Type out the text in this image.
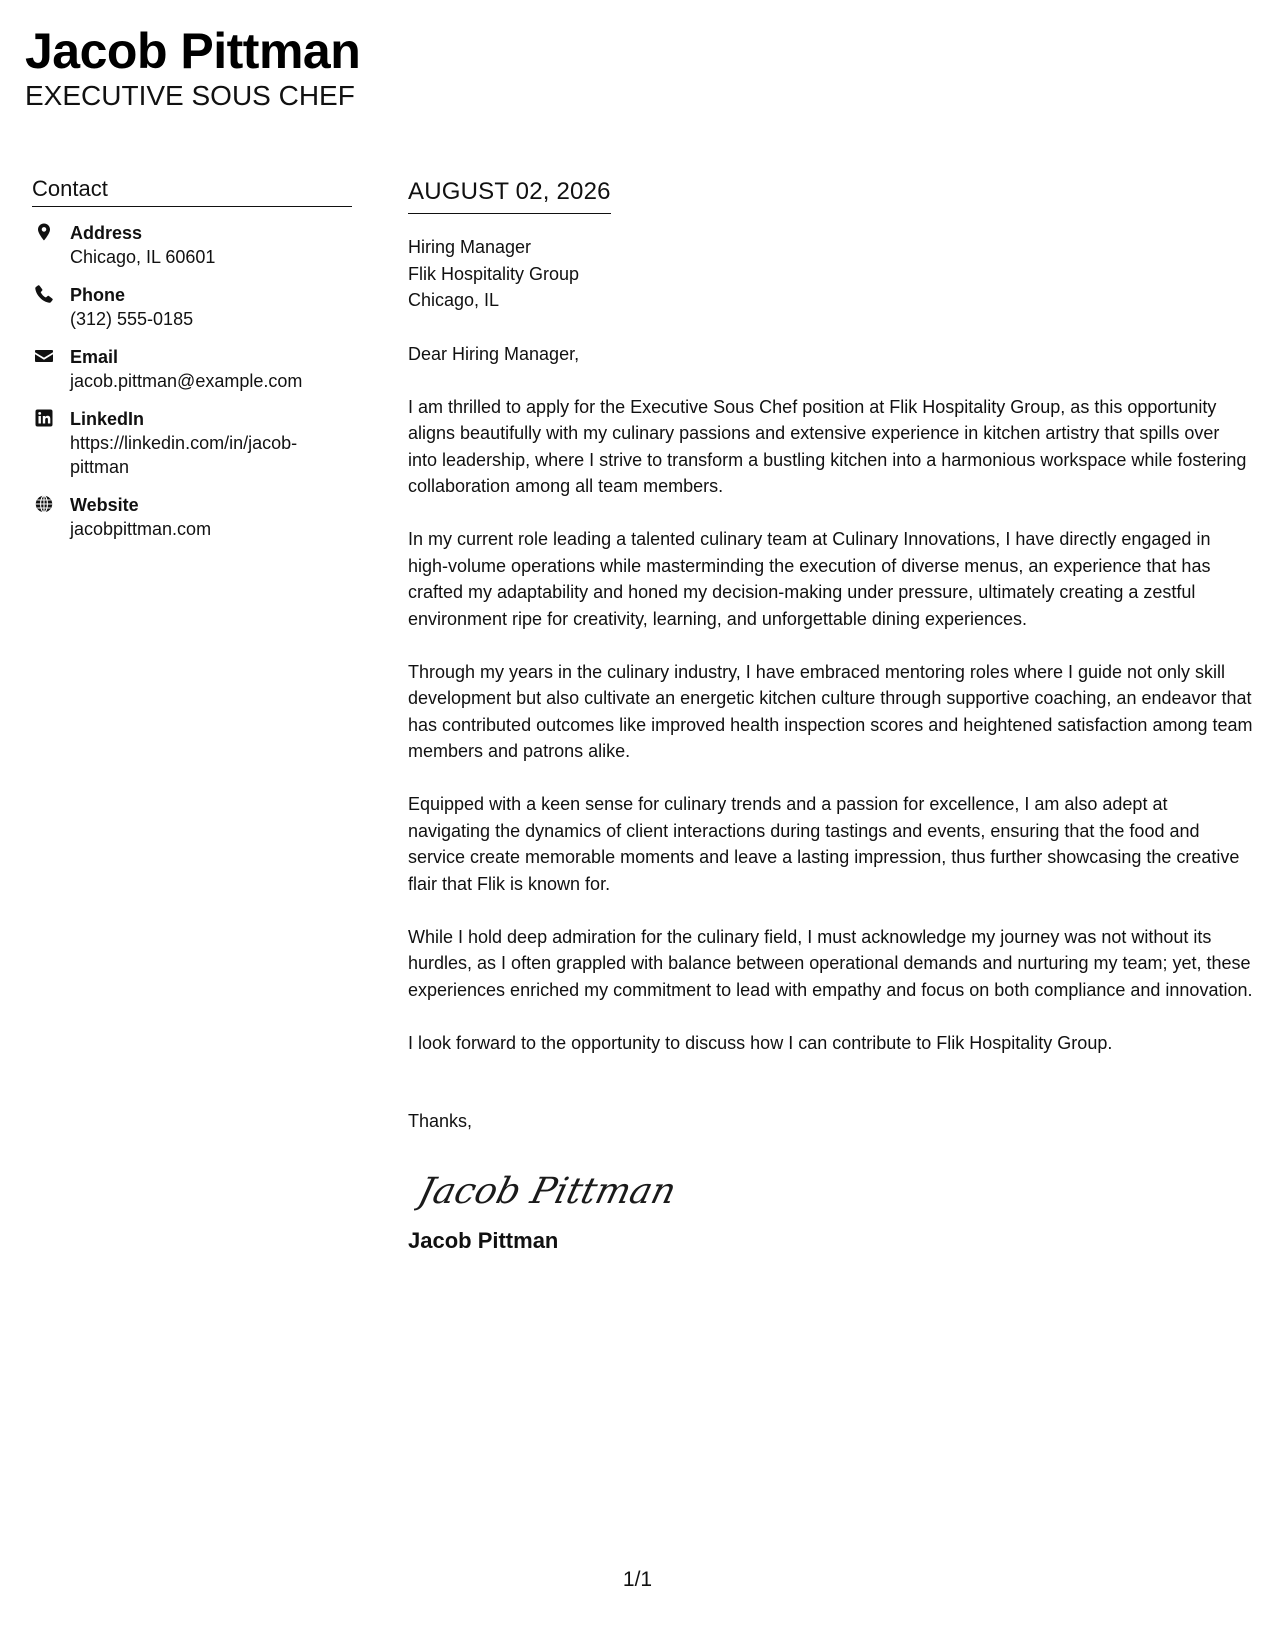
Jacob Pittman
EXECUTIVE SOUS CHEF
Contact
Address
Chicago, IL 60601
Phone
(312) 555-0185
Email
jacob.pittman@example.com
LinkedIn
https://linkedin.com/in/jacob-pittman
Website
jacobpittman.com
AUGUST 02, 2026
Hiring Manager
Flik Hospitality Group
Chicago, IL
Dear Hiring Manager,
I am thrilled to apply for the Executive Sous Chef position at Flik Hospitality Group, as this opportunity aligns beautifully with my culinary passions and extensive experience in kitchen artistry that spills over into leadership, where I strive to transform a bustling kitchen into a harmonious workspace while fostering collaboration among all team members.
In my current role leading a talented culinary team at Culinary Innovations, I have directly engaged in high-volume operations while masterminding the execution of diverse menus, an experience that has crafted my adaptability and honed my decision-making under pressure, ultimately creating a zestful environment ripe for creativity, learning, and unforgettable dining experiences.
Through my years in the culinary industry, I have embraced mentoring roles where I guide not only skill development but also cultivate an energetic kitchen culture through supportive coaching, an endeavor that has contributed outcomes like improved health inspection scores and heightened satisfaction among team members and patrons alike.
Equipped with a keen sense for culinary trends and a passion for excellence, I am also adept at navigating the dynamics of client interactions during tastings and events, ensuring that the food and service create memorable moments and leave a lasting impression, thus further showcasing the creative flair that Flik is known for.
While I hold deep admiration for the culinary field, I must acknowledge my journey was not without its hurdles, as I often grappled with balance between operational demands and nurturing my team; yet, these experiences enriched my commitment to lead with empathy and focus on both compliance and innovation.
I look forward to the opportunity to discuss how I can contribute to Flik Hospitality Group.
Thanks,
Jacob Pittman
Jacob Pittman
1/1
